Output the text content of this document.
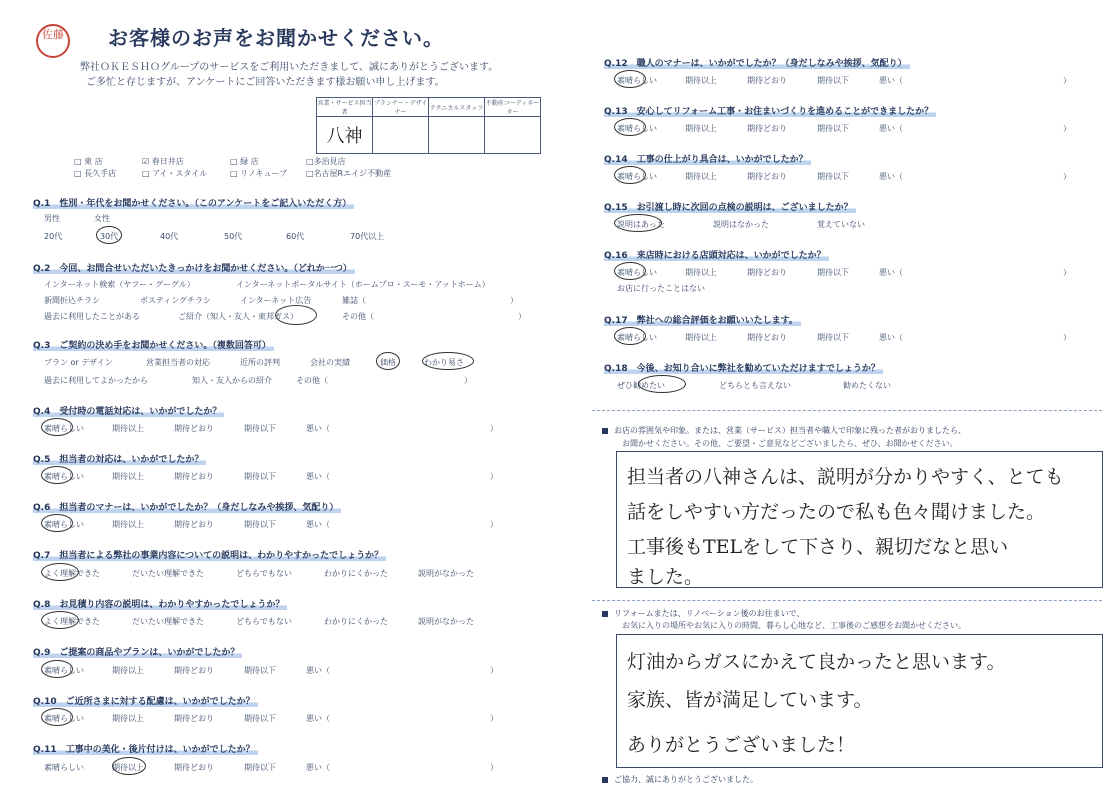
佐藤	お客様のお声をお聞かせください。
弊社ＯＫＥＳＨＯグループのサービスをご利用いただきまして、誠にありがとうございます。
ご多忙と存じますが、アンケートにご回答いただきます様お願い申し上げます。
営業・サービス担当者	プランナー・デザイナー	テクニカルスタッフ	不動産コーディネーター
八神			
□ 東 店	☑ 春日井店	□ 緑 店	□多治見店
□ 長久手店	□ アイ・スタイル	□ リノキューブ □名古屋Rエイジ不動産
Q.1　性別・年代をお聞かせください。（このアンケートをご記入いただく方）
男性	女性
20代	30代	40代	50代	60代	70代以上
Q.2　今回、お問合せいただいたきっかけをお聞かせください。（どれか一つ）
インターネット検索（ヤフー・グーグル）	インターネットポータルサイト（ホームプロ・スーモ・アットホーム）
新聞折込チラシ	ポスティングチラシ	インターネット広告	雑誌（　　　　　　　　　　　　　　　　　　）
過去に利用したことがある	ご紹介（知人・友人・東邦ガス）	その他（　　　　　　　　　　　　　　　　　　）
Q.3　ご契約の決め手をお聞かせください。（複数回答可）
プラン or デザイン	営業担当者の対応	近所の評判	会社の実績	価格	わかり易さ
過去に利用してよかったから	知人・友人からの紹介	その他（　　　　　　　　　　　　　　　　　）
Q.4　受付時の電話対応は、いかがでしたか？
素晴らしい	期待以上	期待どおり	期待以下	悪い（　　　　　　　　　　　　　　　　　　　　）
Q.5　担当者の対応は、いかがでしたか？
素晴らしい	期待以上	期待どおり	期待以下	悪い（　　　　　　　　　　　　　　　　　　　　）
Q.6　担当者のマナーは、いかがでしたか？（身だしなみや挨拶、気配り）
素晴らしい	期待以上	期待どおり	期待以下	悪い（　　　　　　　　　　　　　　　　　　　　）
Q.7　担当者による弊社の事業内容についての説明は、わかりやすかったでしょうか？
よく理解できた	だいたい理解できた	どちらでもない	わかりにくかった	説明がなかった
Q.8　お見積り内容の説明は、わかりやすかったでしょうか？
よく理解できた	だいたい理解できた	どちらでもない	わかりにくかった	説明がなかった
Q.9　ご提案の商品やプランは、いかがでしたか？
素晴らしい	期待以上	期待どおり	期待以下	悪い（　　　　　　　　　　　　　　　　　　　　）
Q.10　ご近所さまに対する配慮は、いかがでしたか？
素晴らしい	期待以上	期待どおり	期待以下	悪い（　　　　　　　　　　　　　　　　　　　　）
Q.11　工事中の美化・後片付けは、いかがでしたか？
素晴らしい	期待以上	期待どおり	期待以下	悪い（　　　　　　　　　　　　　　　　　　　　）
Q.12　職人のマナーは、いかがでしたか？（身だしなみや挨拶、気配り）
素晴らしい	期待以上	期待どおり	期待以下	悪い（　　　　　　　　　　　　　　　　　　　　）
Q.13　安心してリフォーム工事・お住まいづくりを進めることができましたか？
素晴らしい	期待以上	期待どおり	期待以下	悪い（　　　　　　　　　　　　　　　　　　　　）
Q.14　工事の仕上がり具合は、いかがでしたか？
素晴らしい	期待以上	期待どおり	期待以下	悪い（　　　　　　　　　　　　　　　　　　　　）
Q.15　お引渡し時に次回の点検の説明は、ございましたか？
説明はあった	説明はなかった	覚えていない
Q.16　来店時における店頭対応は、いかがでしたか？
素晴らしい	期待以上	期待どおり	期待以下	悪い（　　　　　　　　　　　　　　　　　　　　）
お店に行ったことはない
Q.17　弊社への総合評価をお願いいたします。
素晴らしい	期待以上	期待どおり	期待以下	悪い（　　　　　　　　　　　　　　　　　　　　）
Q.18　今後、お知り合いに弊社を勧めていただけますでしょうか？
ぜひ勧めたい	どちらとも言えない	勧めたくない
お店の雰囲気や印象。または、営業（サービス）担当者や職人で印象に残った者がおりましたら、
お聞かせください。その他、ご要望・ご意見などございましたら、ぜひ、お聞かせください。
担当者の八神さんは、説明が分かりやすく、とても
話をしやすい方だったので私も色々聞けました。
工事後もTELをして下さり、親切だなと思い
ました。
リフォームまたは、リノベーション後のお住まいで、
お気に入りの場所やお気に入りの時間、暮らし心地など、工事後のご感想をお聞かせください。
灯油からガスにかえて良かったと思います。
家族、皆が満足しています。
ありがとうございました！
ご協力、誠にありがとうございました。
